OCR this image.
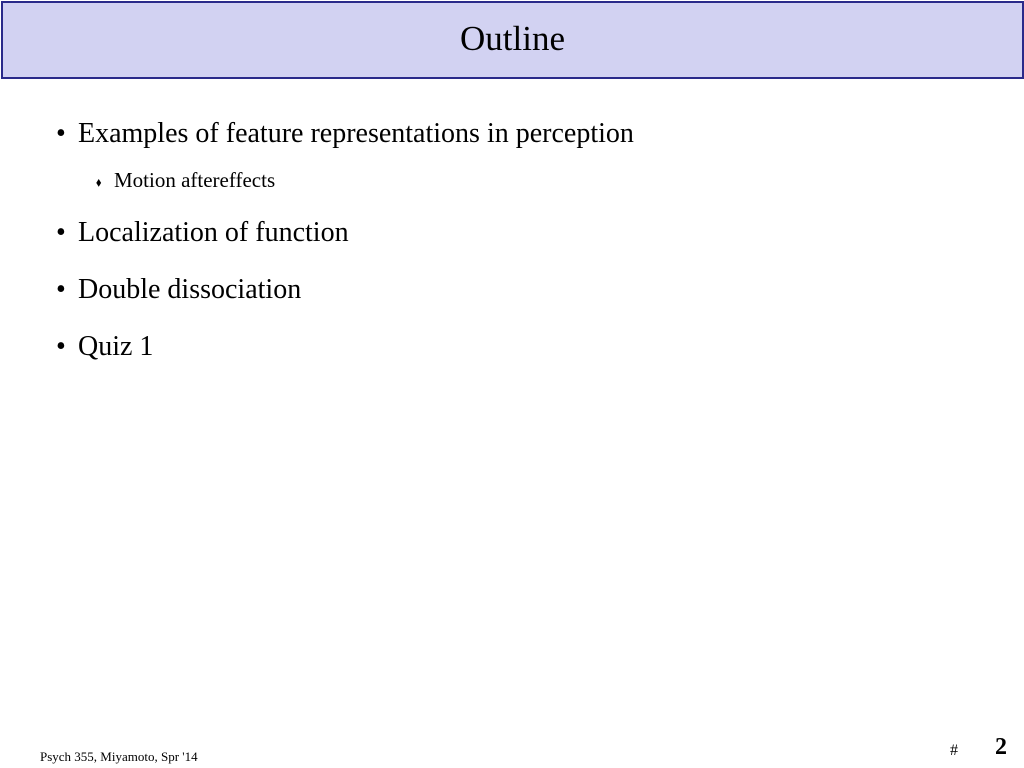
Outline
• Examples of feature representations in perception
⬧ Motion aftereffects
• Localization of function
• Double dissociation
• Quiz 1
Psych 355, Miyamoto, Spr '14	# 2
